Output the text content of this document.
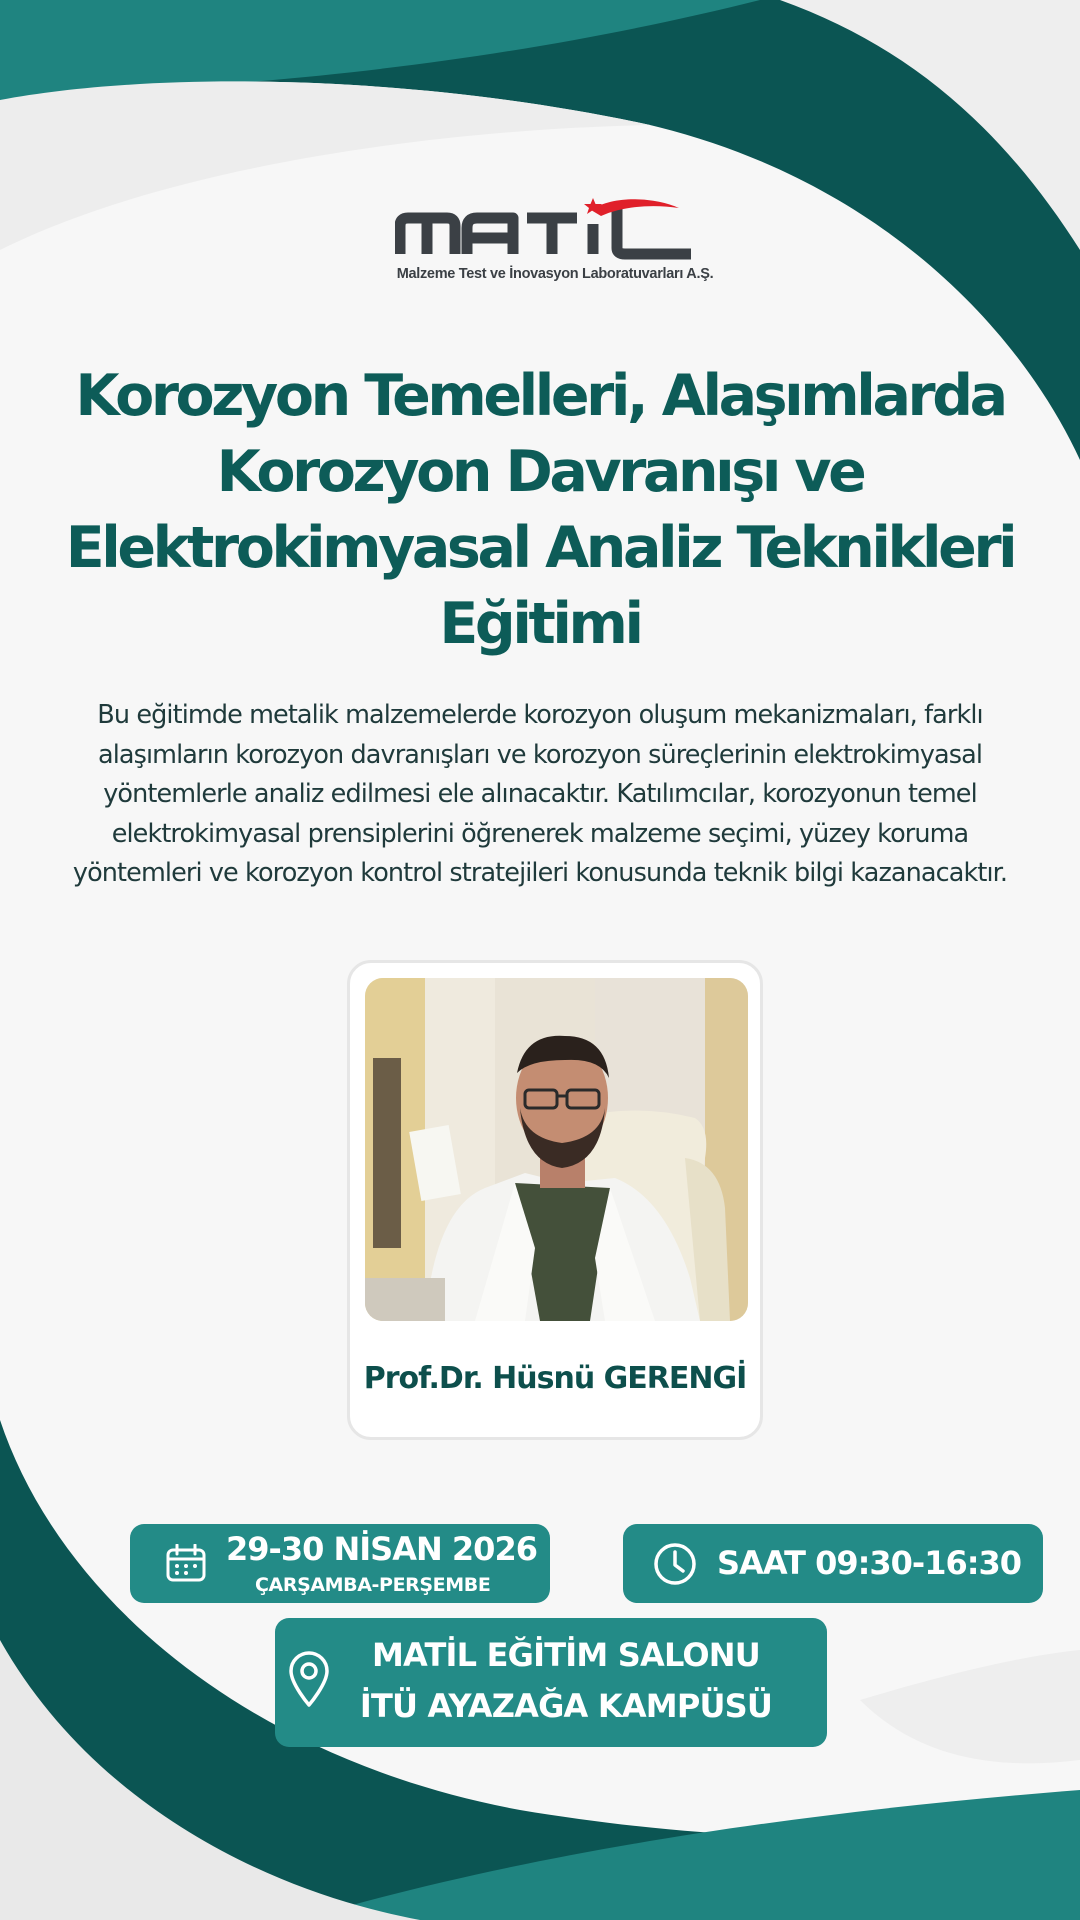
Malzeme Test ve İnovasyon Laboratuvarları A.Ş.
Korozyon Temelleri, Alaşımlarda
Korozyon Davranışı ve
Elektrokimyasal Analiz Teknikleri
Eğitimi
Bu eğitimde metalik malzemelerde korozyon oluşum mekanizmaları, farklı
alaşımların korozyon davranışları ve korozyon süreçlerinin elektrokimyasal
yöntemlerle analiz edilmesi ele alınacaktır. Katılımcılar, korozyonun temel
elektrokimyasal prensiplerini öğrenerek malzeme seçimi, yüzey koruma
yöntemleri ve korozyon kontrol stratejileri konusunda teknik bilgi kazanacaktır.
Prof.Dr. Hüsnü GERENGİ
29-30 NİSAN 2026
ÇARŞAMBA-PERŞEMBE
SAAT 09:30-16:30
MATİL EĞİTİM SALONU
İTÜ AYAZAĞA KAMPÜSÜ
